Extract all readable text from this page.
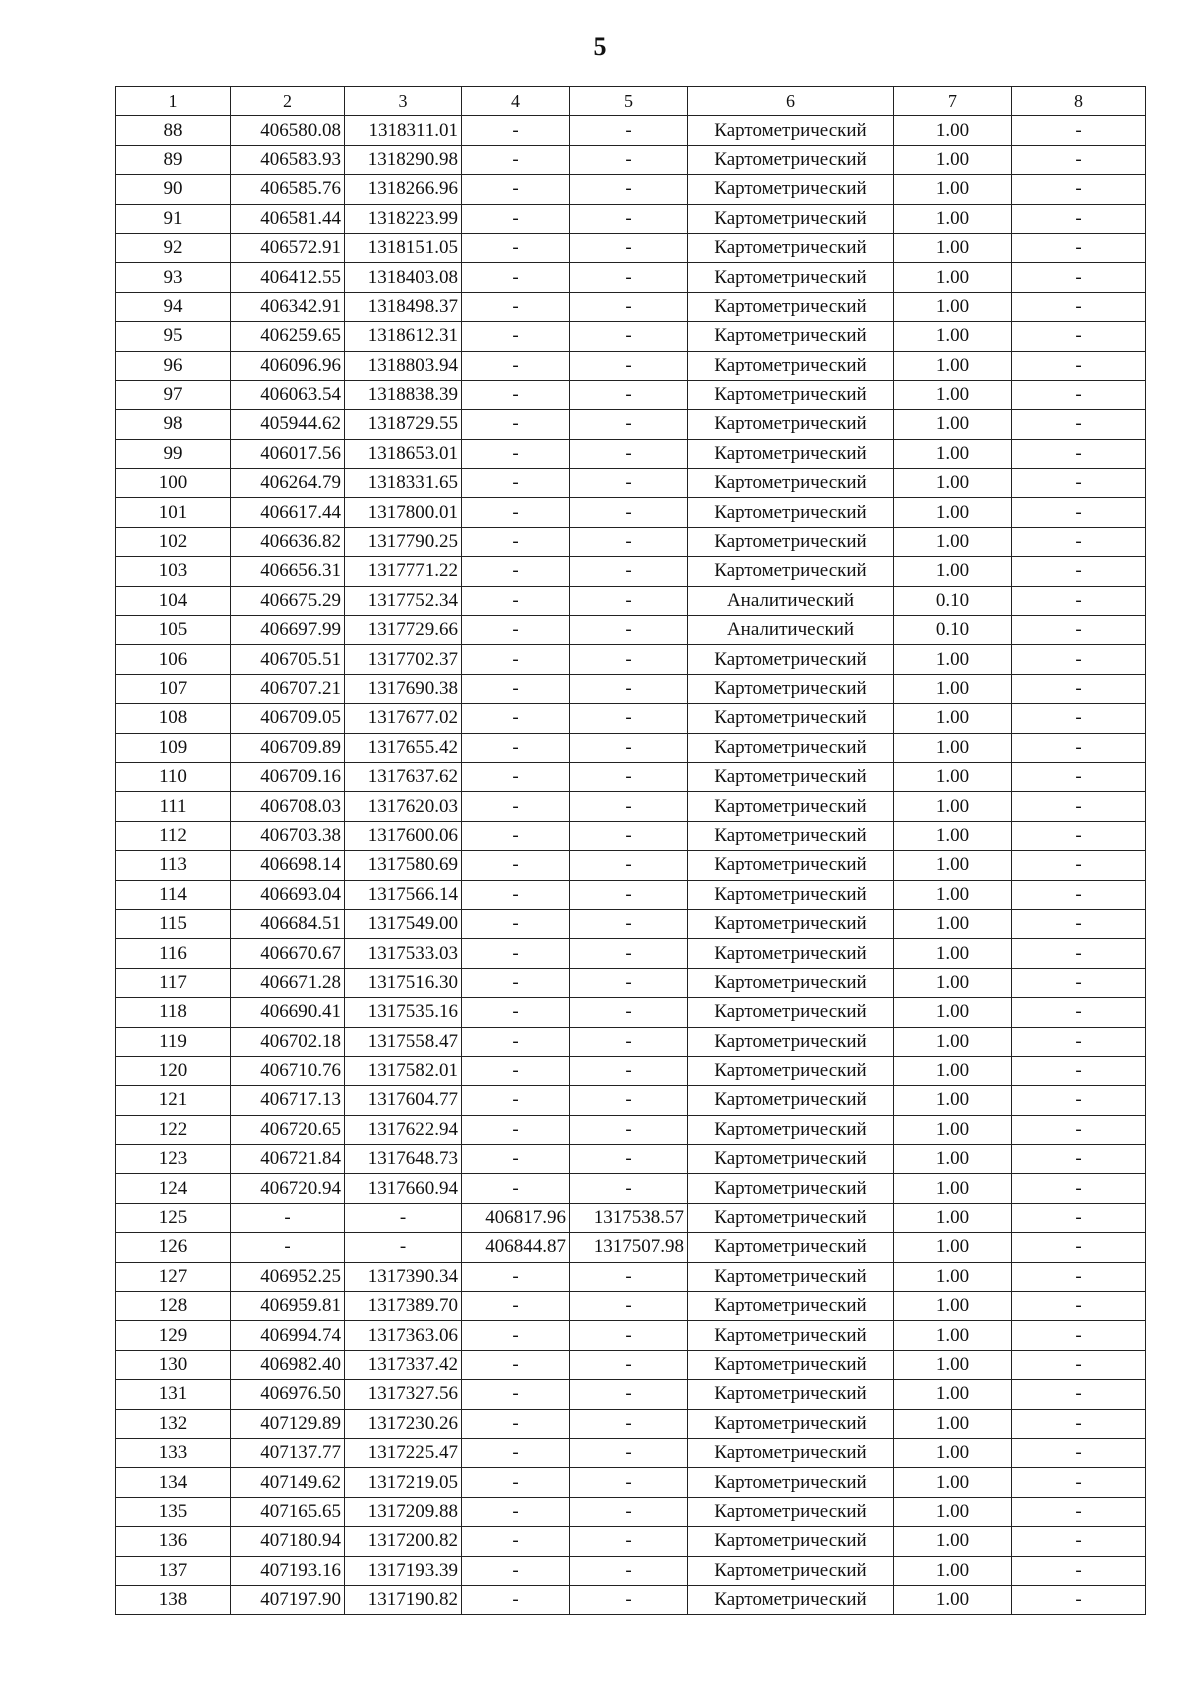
5
1	2	3	4	5	6	7	8
88	406580.08	1318311.01	-	-	Картометрический	1.00	-
89	406583.93	1318290.98	-	-	Картометрический	1.00	-
90	406585.76	1318266.96	-	-	Картометрический	1.00	-
91	406581.44	1318223.99	-	-	Картометрический	1.00	-
92	406572.91	1318151.05	-	-	Картометрический	1.00	-
93	406412.55	1318403.08	-	-	Картометрический	1.00	-
94	406342.91	1318498.37	-	-	Картометрический	1.00	-
95	406259.65	1318612.31	-	-	Картометрический	1.00	-
96	406096.96	1318803.94	-	-	Картометрический	1.00	-
97	406063.54	1318838.39	-	-	Картометрический	1.00	-
98	405944.62	1318729.55	-	-	Картометрический	1.00	-
99	406017.56	1318653.01	-	-	Картометрический	1.00	-
100	406264.79	1318331.65	-	-	Картометрический	1.00	-
101	406617.44	1317800.01	-	-	Картометрический	1.00	-
102	406636.82	1317790.25	-	-	Картометрический	1.00	-
103	406656.31	1317771.22	-	-	Картометрический	1.00	-
104	406675.29	1317752.34	-	-	Аналитический	0.10	-
105	406697.99	1317729.66	-	-	Аналитический	0.10	-
106	406705.51	1317702.37	-	-	Картометрический	1.00	-
107	406707.21	1317690.38	-	-	Картометрический	1.00	-
108	406709.05	1317677.02	-	-	Картометрический	1.00	-
109	406709.89	1317655.42	-	-	Картометрический	1.00	-
110	406709.16	1317637.62	-	-	Картометрический	1.00	-
111	406708.03	1317620.03	-	-	Картометрический	1.00	-
112	406703.38	1317600.06	-	-	Картометрический	1.00	-
113	406698.14	1317580.69	-	-	Картометрический	1.00	-
114	406693.04	1317566.14	-	-	Картометрический	1.00	-
115	406684.51	1317549.00	-	-	Картометрический	1.00	-
116	406670.67	1317533.03	-	-	Картометрический	1.00	-
117	406671.28	1317516.30	-	-	Картометрический	1.00	-
118	406690.41	1317535.16	-	-	Картометрический	1.00	-
119	406702.18	1317558.47	-	-	Картометрический	1.00	-
120	406710.76	1317582.01	-	-	Картометрический	1.00	-
121	406717.13	1317604.77	-	-	Картометрический	1.00	-
122	406720.65	1317622.94	-	-	Картометрический	1.00	-
123	406721.84	1317648.73	-	-	Картометрический	1.00	-
124	406720.94	1317660.94	-	-	Картометрический	1.00	-
125	-	-	406817.96	1317538.57	Картометрический	1.00	-
126	-	-	406844.87	1317507.98	Картометрический	1.00	-
127	406952.25	1317390.34	-	-	Картометрический	1.00	-
128	406959.81	1317389.70	-	-	Картометрический	1.00	-
129	406994.74	1317363.06	-	-	Картометрический	1.00	-
130	406982.40	1317337.42	-	-	Картометрический	1.00	-
131	406976.50	1317327.56	-	-	Картометрический	1.00	-
132	407129.89	1317230.26	-	-	Картометрический	1.00	-
133	407137.77	1317225.47	-	-	Картометрический	1.00	-
134	407149.62	1317219.05	-	-	Картометрический	1.00	-
135	407165.65	1317209.88	-	-	Картометрический	1.00	-
136	407180.94	1317200.82	-	-	Картометрический	1.00	-
137	407193.16	1317193.39	-	-	Картометрический	1.00	-
138	407197.90	1317190.82	-	-	Картометрический	1.00	-
